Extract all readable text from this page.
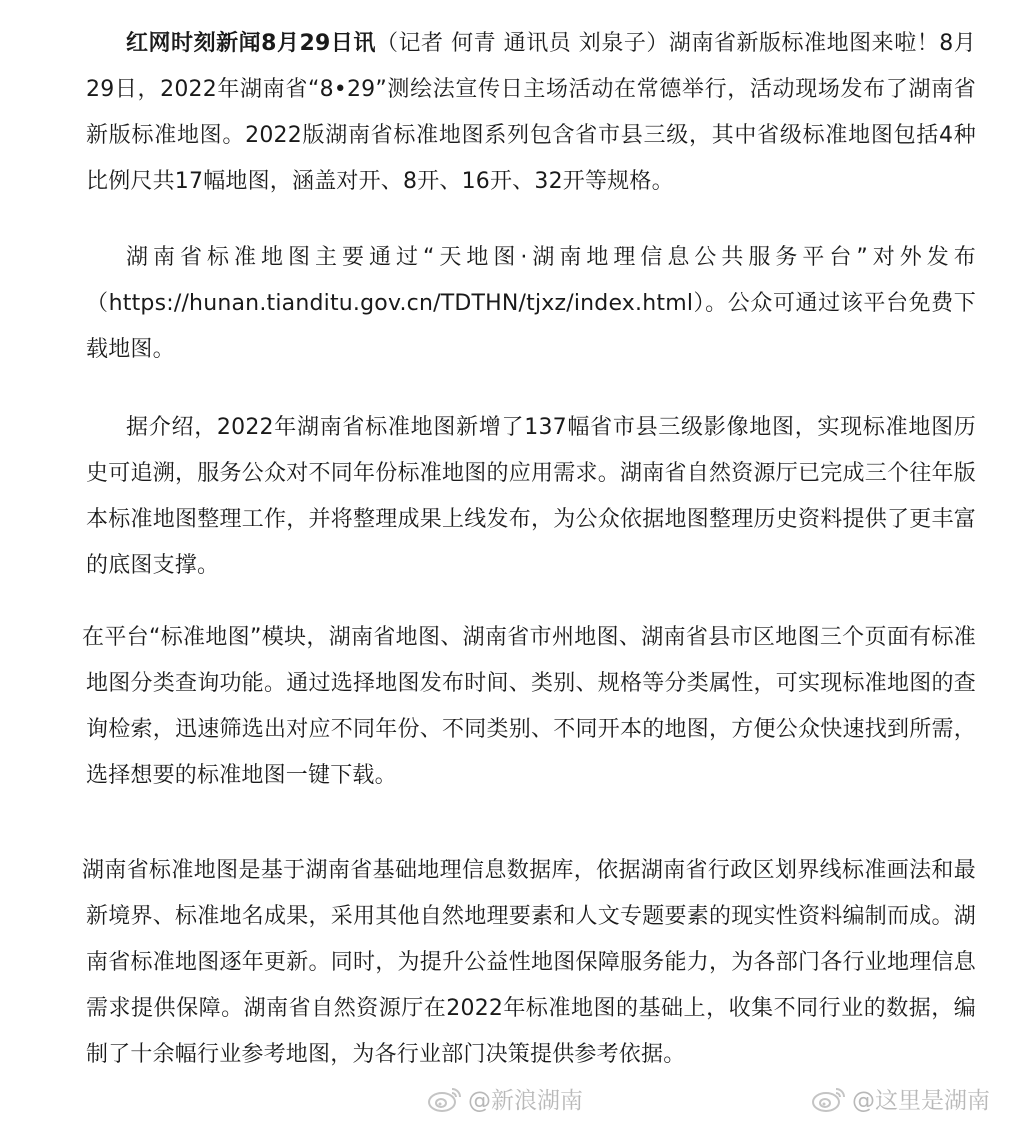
红网时刻新闻8月29日讯（记者 何青 通讯员 刘泉子）湖南省新版标准地图来啦！8月29日，2022年湖南省“8•29”测绘法宣传日主场活动在常德举行，活动现场发布了湖南省新版标准地图。2022版湖南省标准地图系列包含省市县三级，其中省级标准地图包括4种比例尺共17幅地图，涵盖对开、8开、16开、32开等规格。

湖南省标准地图主要通过“天地图·湖南地理信息公共服务平台”对外发布（https://hunan.tianditu.gov.cn/TDTHN/tjxz/index.html）。公众可通过该平台免费下载地图。

据介绍，2022年湖南省标准地图新增了137幅省市县三级影像地图，实现标准地图历史可追溯，服务公众对不同年份标准地图的应用需求。湖南省自然资源厅已完成三个往年版本标准地图整理工作，并将整理成果上线发布，为公众依据地图整理历史资料提供了更丰富的底图支撑。

在平台“标准地图”模块，湖南省地图、湖南省市州地图、湖南省县市区地图三个页面有标准地图分类查询功能。通过选择地图发布时间、类别、规格等分类属性，可实现标准地图的查询检索，迅速筛选出对应不同年份、不同类别、不同开本的地图，方便公众快速找到所需，选择想要的标准地图一键下载。

湖南省标准地图是基于湖南省基础地理信息数据库，依据湖南省行政区划界线标准画法和最新境界、标准地名成果，采用其他自然地理要素和人文专题要素的现实性资料编制而成。湖南省标准地图逐年更新。同时，为提升公益性地图保障服务能力，为各部门各行业地理信息需求提供保障。湖南省自然资源厅在2022年标准地图的基础上，收集不同行业的数据，编制了十余幅行业参考地图，为各行业部门决策提供参考依据。

@新浪湖南	@这里是湖南
